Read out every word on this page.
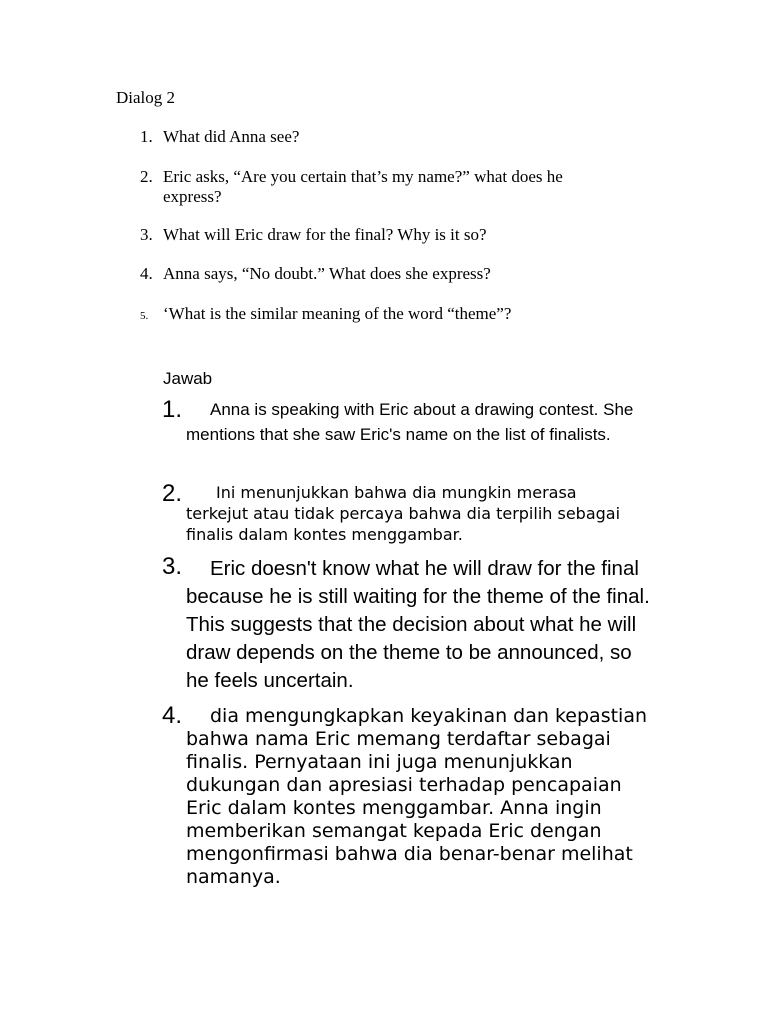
Dialog 2
1. What did Anna see?
2. Eric asks, “Are you certain that’s my name?” what does he express?
3. What will Eric draw for the final? Why is it so?
4. Anna says, “No doubt.” What does she express?
5. ‘What is the similar meaning of the word “theme”?
Jawab
1.	Anna is speaking with Eric about a drawing contest. She mentions that she saw Eric's name on the list of finalists.
2.	Ini menunjukkan bahwa dia mungkin merasa terkejut atau tidak percaya bahwa dia terpilih sebagai finalis dalam kontes menggambar.
3.	Eric doesn't know what he will draw for the final because he is still waiting for the theme of the final. This suggests that the decision about what he will draw depends on the theme to be announced, so he feels uncertain.
4.	dia mengungkapkan keyakinan dan kepastian bahwa nama Eric memang terdaftar sebagai finalis. Pernyataan ini juga menunjukkan dukungan dan apresiasi terhadap pencapaian Eric dalam kontes menggambar. Anna ingin memberikan semangat kepada Eric dengan mengonfirmasi bahwa dia benar-benar melihat namanya.
